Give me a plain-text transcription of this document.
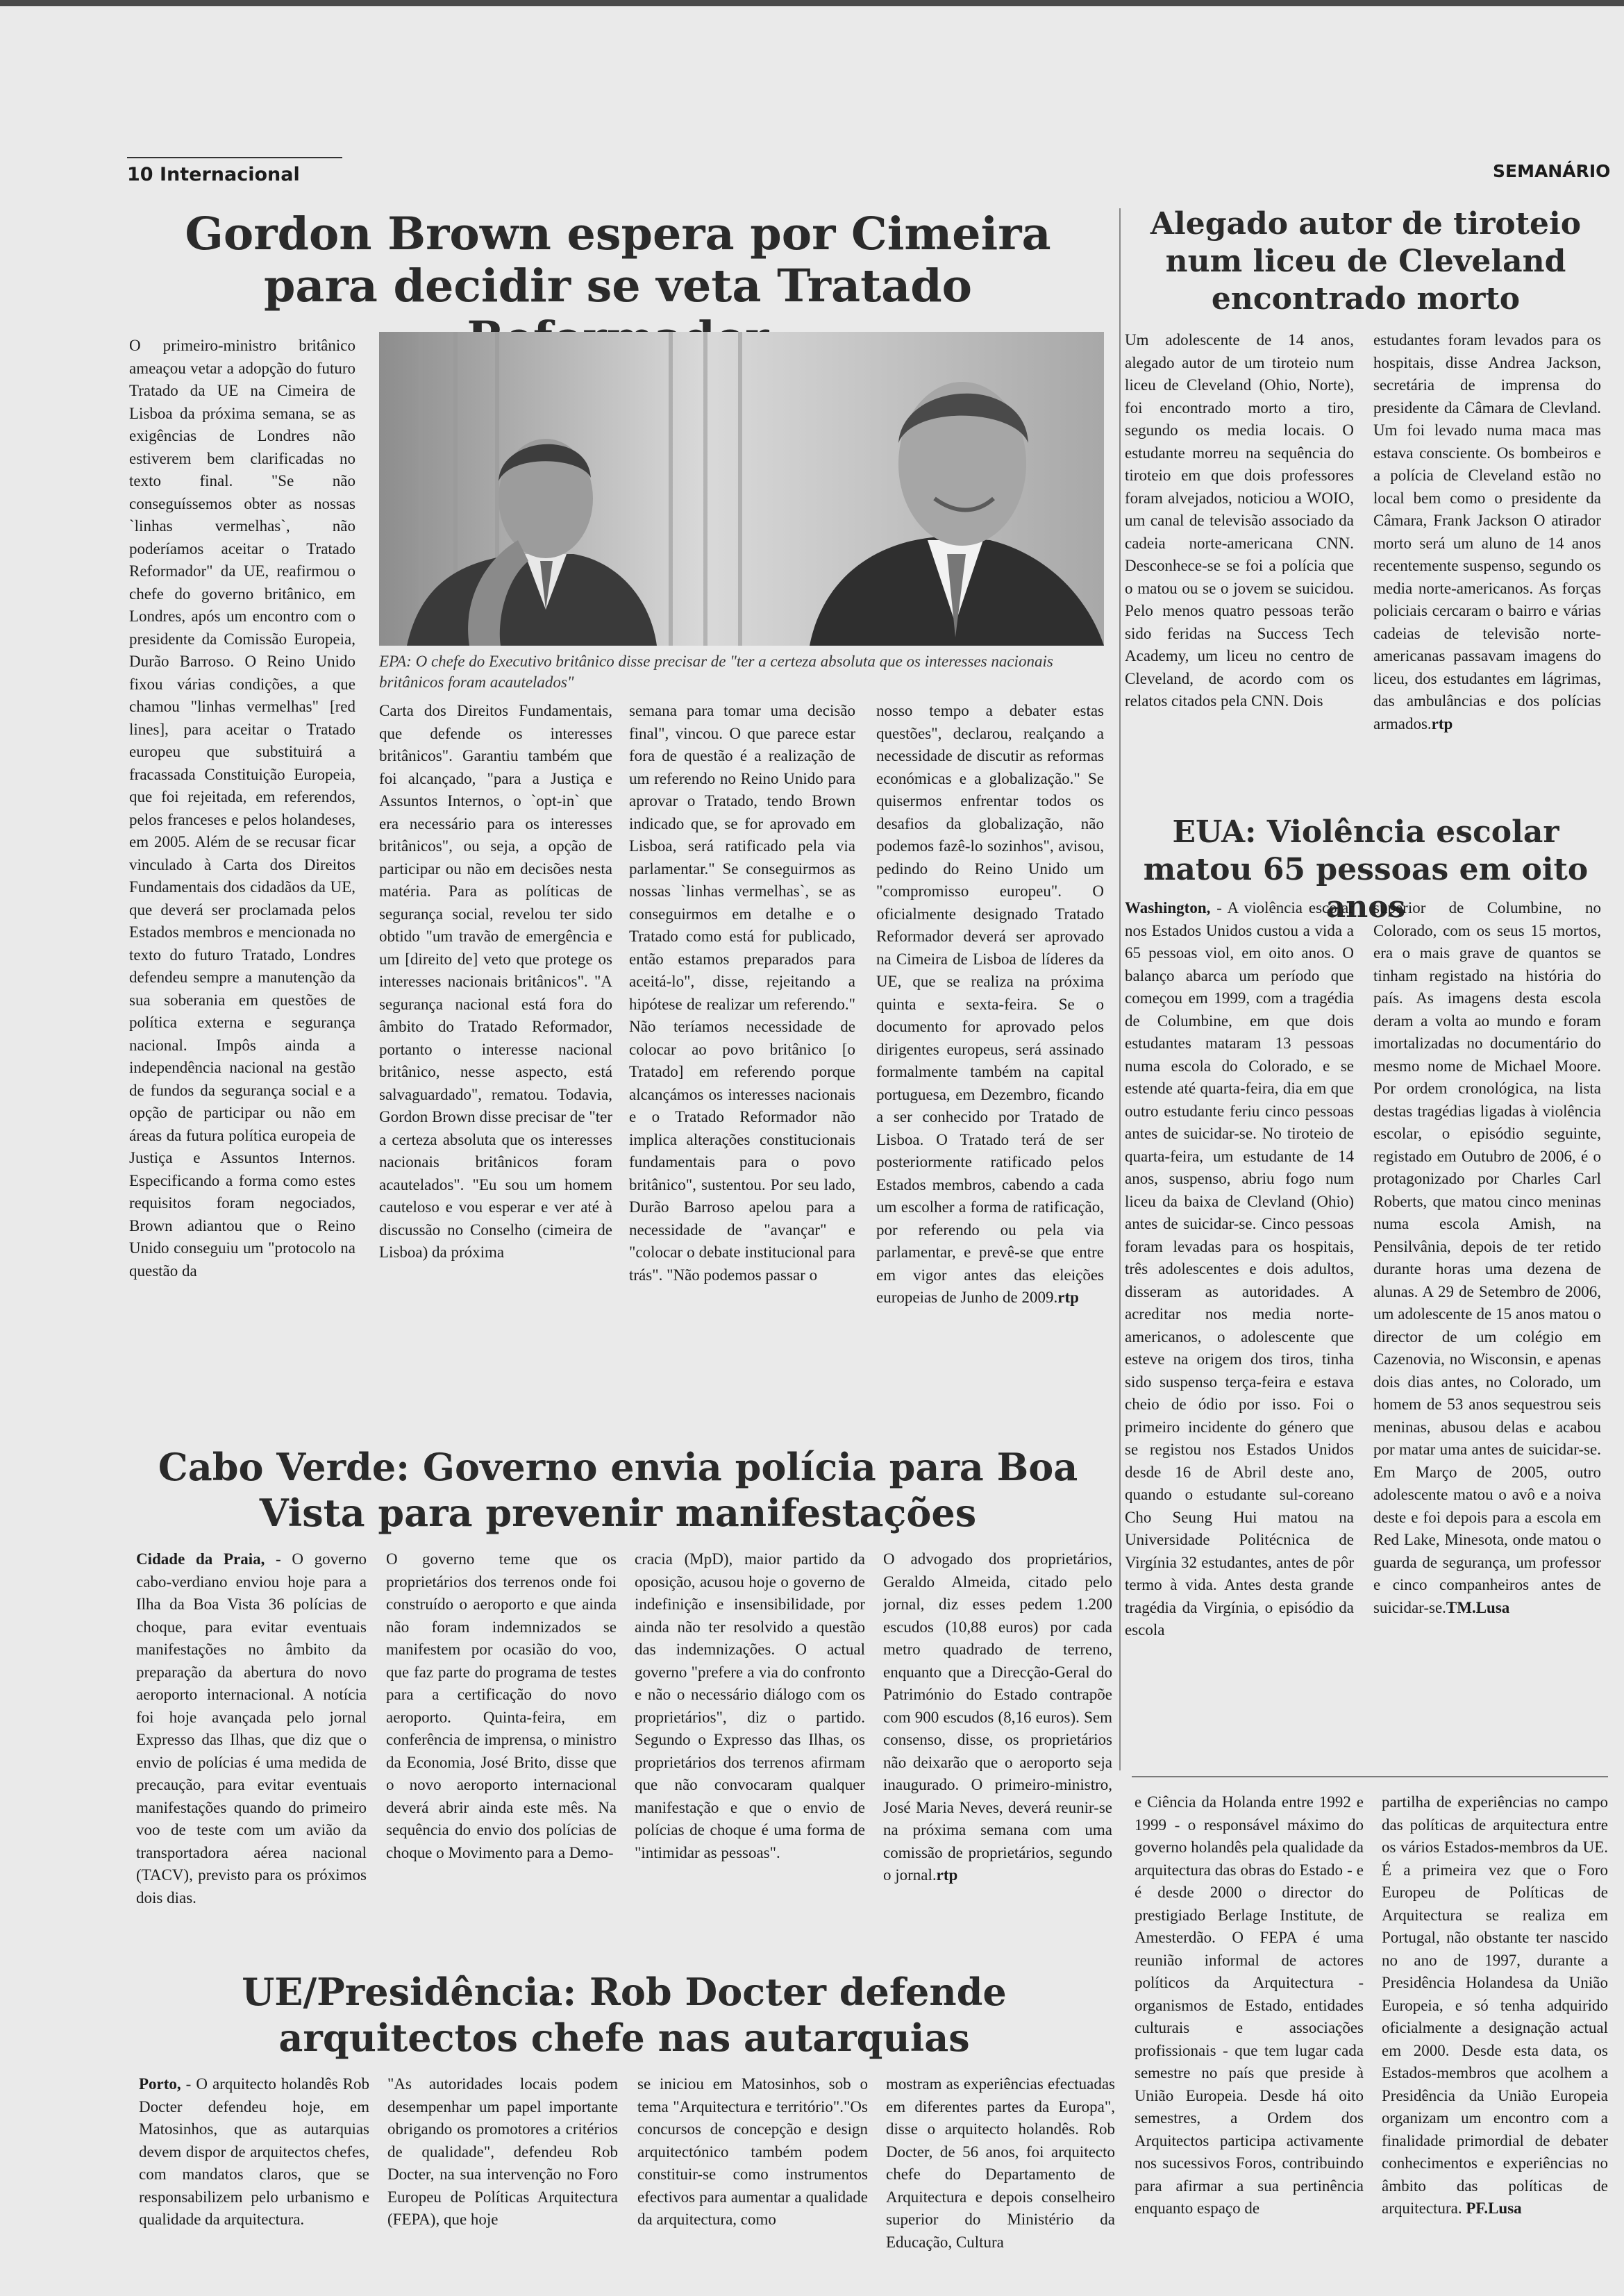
10 Internacional	SEMANÁRIO
Gordon Brown espera por Cimeira para decidir se veta Tratado
EPA: O chefe do Executivo britânico disse precisar de "ter a certeza absoluta que os interesses nacionais britânicos foram acautelados"

O primeiro-ministro britânico ameaçou vetar a adopção do futuro Tratado da UE na Cimeira de Lisboa da próxima semana, se as exigências de Londres não estiverem bem clarificadas no texto final. "Se não conseguíssemos obter as nossas `linhas vermelhas`, não poderíamos aceitar o Tratado Reformador" da UE, reafirmou o chefe do governo britânico, em Londres, após um encontro com o presidente da Comissão Europeia, Durão Barroso. O Reino Unido fixou várias condições, a que chamou "linhas vermelhas" [red lines], para aceitar o Tratado europeu que substituirá a fracassada Constituição Europeia, que foi rejeitada, em referendos, pelos franceses e pelos holandeses, em 2005. Além de se recusar ficar vinculado à Carta dos Direitos Fundamentais dos cidadãos da UE, que deverá ser proclamada pelos Estados membros e mencionada no texto do futuro Tratado, Londres defendeu sempre a manutenção da sua soberania em questões de política externa e segurança nacional. Impôs ainda a independência nacional na gestão de fundos da segurança social e a opção de participar ou não em áreas da futura política europeia de Justiça e Assuntos Internos. Especificando a forma como estes requisitos foram negociados, Brown adiantou que o Reino Unido conseguiu um "protocolo na questão da

Carta dos Direitos Fundamentais, que defende os interesses britânicos". Garantiu também que foi alcançado, "para a Justiça e Assuntos Internos, o `opt-in` que era necessário para os interesses britânicos", ou seja, a opção de participar ou não em decisões nesta matéria. Para as políticas de segurança social, revelou ter sido obtido "um travão de emergência e um [direito de] veto que protege os interesses nacionais britânicos". "A segurança nacional está fora do âmbito do Tratado Reformador, portanto o interesse nacional britânico, nesse aspecto, está salvaguardado", rematou. Todavia, Gordon Brown disse precisar de "ter a certeza absoluta que os interesses nacionais britânicos foram acautelados". "Eu sou um homem cauteloso e vou esperar e ver até à discussão no Conselho (cimeira de Lisboa) da próxima

semana para tomar uma decisão final", vincou. O que parece estar fora de questão é a realização de um referendo no Reino Unido para aprovar o Tratado, tendo Brown indicado que, se for aprovado em Lisboa, será ratificado pela via parlamentar." Se conseguirmos as nossas `linhas vermelhas`, se as conseguirmos em detalhe e o Tratado como está for publicado, então estamos preparados para aceitá-lo", disse, rejeitando a hipótese de realizar um referendo." Não teríamos necessidade de colocar ao povo britânico [o Tratado] em referendo porque alcançámos os interesses nacionais e o Tratado Reformador não implica alterações constitucionais fundamentais para o povo britânico", sustentou. Por seu lado, Durão Barroso apelou para a necessidade de "avançar" e "colocar o debate institucional para trás". "Não podemos passar o

nosso tempo a debater estas questões", declarou, realçando a necessidade de discutir as reformas económicas e a globalização." Se quisermos enfrentar todos os desafios da globalização, não podemos fazê-lo sozinhos", avisou, pedindo do Reino Unido um "compromisso europeu". O oficialmente designado Tratado Reformador deverá ser aprovado na Cimeira de Lisboa de líderes da UE, que se realiza na próxima quinta e sexta-feira. Se o documento for aprovado pelos dirigentes europeus, será assinado formalmente também na capital portuguesa, em Dezembro, ficando a ser conhecido por Tratado de Lisboa. O Tratado terá de ser posteriormente ratificado pelos Estados membros, cabendo a cada um escolher a forma de ratificação, por referendo ou pela via parlamentar, e prevê-se que entre em vigor antes das eleições europeias de Junho de 2009.rtp

Alegado autor de tiroteio num liceu de Cleveland encontrado morto

Um adolescente de 14 anos, alegado autor de um tiroteio num liceu de Cleveland (Ohio, Norte), foi encontrado morto a tiro, segundo os media locais. O estudante morreu na sequência do tiroteio em que dois professores foram alvejados, noticiou a WOIO, um canal de televisão associado da cadeia norte-americana CNN. Desconhece-se se foi a polícia que o matou ou se o jovem se suicidou. Pelo menos quatro pessoas terão sido feridas na Success Tech Academy, um liceu no centro de Cleveland, de acordo com os relatos citados pela CNN. Dois

estudantes foram levados para os hospitais, disse Andrea Jackson, secretária de imprensa do presidente da Câmara de Clevland. Um foi levado numa maca mas estava consciente. Os bombeiros e a polícia de Cleveland estão no local bem como o presidente da Câmara, Frank Jackson O atirador morto será um aluno de 14 anos recentemente suspenso, segundo os media norte-americanos. As forças policiais cercaram o bairro e várias cadeias de televisão norte-americanas passavam imagens do liceu, dos estudantes em lágrimas, das ambulâncias e dos polícias armados.rtp

EUA: Violência escolar matou 65 pessoas em oito anos

Washington, - A violência escolar nos Estados Unidos custou a vida a 65 pessoas viol, em oito anos. O balanço abarca um período que começou em 1999, com a tragédia de Columbine, em que dois estudantes mataram 13 pessoas numa escola do Colorado, e se estende até quarta-feira, dia em que outro estudante feriu cinco pessoas antes de suicidar-se. No tiroteio de quarta-feira, um estudante de 14 anos, suspenso, abriu fogo num liceu da baixa de Clevland (Ohio) antes de suicidar-se. Cinco pessoas foram levadas para os hospitais, três adolescentes e dois adultos, disseram as autoridades. A acreditar nos media norte-americanos, o adolescente que esteve na origem dos tiros, tinha sido suspenso terça-feira e estava cheio de ódio por isso. Foi o primeiro incidente do género que se registou nos Estados Unidos desde 16 de Abril deste ano, quando o estudante sul-coreano Cho Seung Hui matou na Universidade Politécnica de Virgínia 32 estudantes, antes de pôr termo à vida. Antes desta grande tragédia da Virgínia, o episódio da escola

superior de Columbine, no Colorado, com os seus 15 mortos, era o mais grave de quantos se tinham registado na história do país. As imagens desta escola deram a volta ao mundo e foram imortalizadas no documentário do mesmo nome de Michael Moore. Por ordem cronológica, na lista destas tragédias ligadas à violência escolar, o episódio seguinte, registado em Outubro de 2006, é o protagonizado por Charles Carl Roberts, que matou cinco meninas numa escola Amish, na Pensilvânia, depois de ter retido durante horas uma dezena de alunas. A 29 de Setembro de 2006, um adolescente de 15 anos matou o director de um colégio em Cazenovia, no Wisconsin, e apenas dois dias antes, no Colorado, um homem de 53 anos sequestrou seis meninas, abusou delas e acabou por matar uma antes de suicidar-se. Em Março de 2005, outro adolescente matou o avô e a noiva deste e foi depois para a escola em Red Lake, Minesota, onde matou o guarda de segurança, um professor e cinco companheiros antes de suicidar-se.TM.Lusa

Cabo Verde: Governo envia polícia para Boa Vista para prevenir manifestações

Cidade da Praia, - O governo cabo-verdiano enviou hoje para a Ilha da Boa Vista 36 polícias de choque, para evitar eventuais manifestações no âmbito da preparação da abertura do novo aeroporto internacional. A notícia foi hoje avançada pelo jornal Expresso das Ilhas, que diz que o envio de polícias é uma medida de precaução, para evitar eventuais manifestações quando do primeiro voo de teste com um avião da transportadora aérea nacional (TACV), previsto para os próximos dois dias.

O governo teme que os proprietários dos terrenos onde foi construído o aeroporto e que ainda não foram indemnizados se manifestem por ocasião do voo, que faz parte do programa de testes para a certificação do novo aeroporto. Quinta-feira, em conferência de imprensa, o ministro da Economia, José Brito, disse que o novo aeroporto internacional deverá abrir ainda este mês. Na sequência do envio dos polícias de choque o Movimento para a Demo-

cracia (MpD), maior partido da oposição, acusou hoje o governo de indefinição e insensibilidade, por ainda não ter resolvido a questão das indemnizações. O actual governo "prefere a via do confronto e não o necessário diálogo com os proprietários", diz o partido. Segundo o Expresso das Ilhas, os proprietários dos terrenos afirmam que não convocaram qualquer manifestação e que o envio de polícias de choque é uma forma de "intimidar as pessoas".

O advogado dos proprietários, Geraldo Almeida, citado pelo jornal, diz esses pedem 1.200 escudos (10,88 euros) por cada metro quadrado de terreno, enquanto que a Direcção-Geral do Património do Estado contrapõe com 900 escudos (8,16 euros). Sem consenso, disse, os proprietários não deixarão que o aeroporto seja inaugurado. O primeiro-ministro, José Maria Neves, deverá reunir-se na próxima semana com uma comissão de proprietários, segundo o jornal.rtp

UE/Presidência: Rob Docter defende arquitectos chefe nas autarquias

Porto, - O arquitecto holandês Rob Docter defendeu hoje, em Matosinhos, que as autarquias devem dispor de arquitectos chefes, com mandatos claros, que se responsabilizem pelo urbanismo e qualidade da arquitectura.

"As autoridades locais podem desempenhar um papel importante obrigando os promotores a critérios de qualidade", defendeu Rob Docter, na sua intervenção no Foro Europeu de Políticas Arquitectura (FEPA), que hoje

se iniciou em Matosinhos, sob o tema "Arquitectura e território"."Os concursos de concepção e design arquitectónico também podem constituir-se como instrumentos efectivos para aumentar a qualidade da arquitectura, como

mostram as experiências efectuadas em diferentes partes da Europa", disse o arquitecto holandês. Rob Docter, de 56 anos, foi arquitecto chefe do Departamento de Arquitectura e depois conselheiro superior do Ministério da Educação, Cultura

e Ciência da Holanda entre 1992 e 1999 - o responsável máximo do governo holandês pela qualidade da arquitectura das obras do Estado - e é desde 2000 o director do prestigiado Berlage Institute, de Amesterdão. O FEPA é uma reunião informal de actores políticos da Arquitectura - organismos de Estado, entidades culturais e associações profissionais - que tem lugar cada semestre no país que preside à União Europeia. Desde há oito semestres, a Ordem dos Arquitectos participa activamente nos sucessivos Foros, contribuindo para afirmar a sua pertinência enquanto espaço de

partilha de experiências no campo das políticas de arquitectura entre os vários Estados-membros da UE. É a primeira vez que o Foro Europeu de Políticas de Arquitectura se realiza em Portugal, não obstante ter nascido no ano de 1997, durante a Presidência Holandesa da União Europeia, e só tenha adquirido oficialmente a designação actual em 2000. Desde esta data, os Estados-membros que acolhem a Presidência da União Europeia organizam um encontro com a finalidade primordial de debater conhecimentos e experiências no âmbito das políticas de arquitectura. PF.Lusa
